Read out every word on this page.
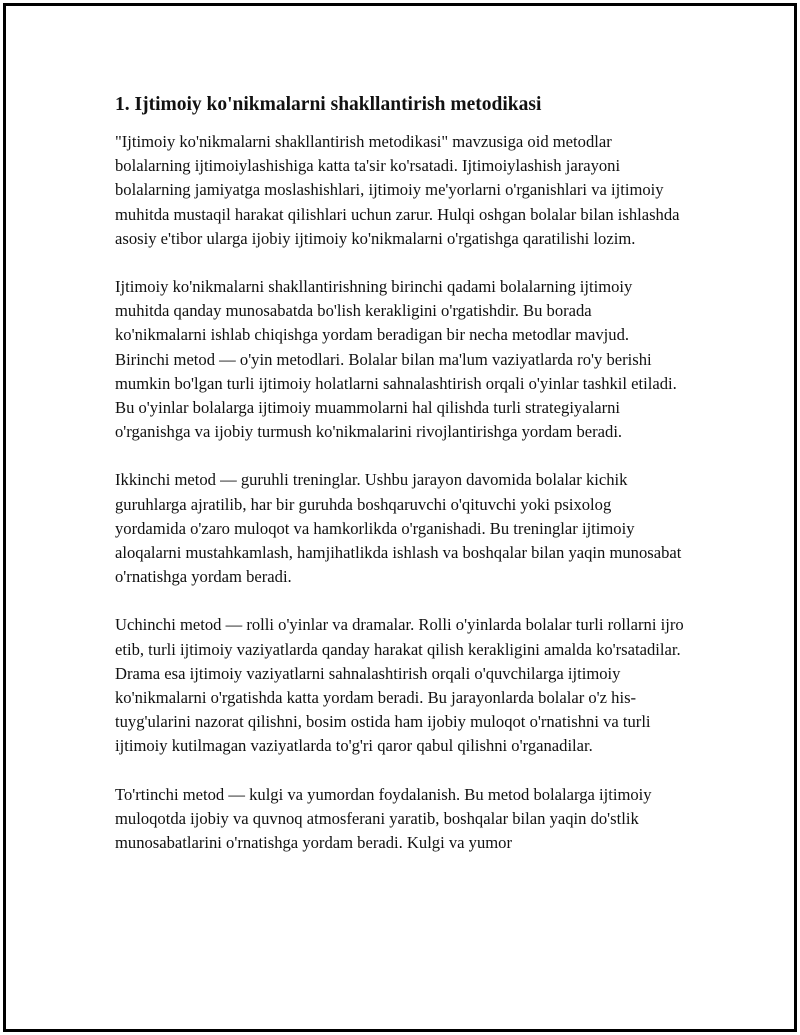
1. Ijtimoiy ko'nikmalarni shakllantirish metodikasi

"Ijtimoiy ko'nikmalarni shakllantirish metodikasi" mavzusiga oid metodlar bolalarning ijtimoiylashishiga katta ta'sir ko'rsatadi. Ijtimoiylashish jarayoni bolalarning jamiyatga moslashishlari, ijtimoiy me'yorlarni o'rganishlari va ijtimoiy muhitda mustaqil harakat qilishlari uchun zarur. Hulqi oshgan bolalar bilan ishlashda asosiy e'tibor ularga ijobiy ijtimoiy ko'nikmalarni o'rgatishga qaratilishi lozim.

Ijtimoiy ko'nikmalarni shakllantirishning birinchi qadami bolalarning ijtimoiy muhitda qanday munosabatda bo'lish kerakligini o'rgatishdir. Bu borada ko'nikmalarni ishlab chiqishga yordam beradigan bir necha metodlar mavjud. Birinchi metod — o'yin metodlari. Bolalar bilan ma'lum vaziyatlarda ro'y berishi mumkin bo'lgan turli ijtimoiy holatlarni sahnalashtirish orqali o'yinlar tashkil etiladi. Bu o'yinlar bolalarga ijtimoiy muammolarni hal qilishda turli strategiyalarni o'rganishga va ijobiy turmush ko'nikmalarini rivojlantirishga yordam beradi.

Ikkinchi metod — guruhli treninglar. Ushbu jarayon davomida bolalar kichik guruhlarga ajratilib, har bir guruhda boshqaruvchi o'qituvchi yoki psixolog yordamida o'zaro muloqot va hamkorlikda o'rganishadi. Bu treninglar ijtimoiy aloqalarni mustahkamlash, hamjihatlikda ishlash va boshqalar bilan yaqin munosabat o'rnatishga yordam beradi.

Uchinchi metod — rolli o'yinlar va dramalar. Rolli o'yinlarda bolalar turli rollarni ijro etib, turli ijtimoiy vaziyatlarda qanday harakat qilish kerakligini amalda ko'rsatadilar. Drama esa ijtimoiy vaziyatlarni sahnalashtirish orqali o'quvchilarga ijtimoiy ko'nikmalarni o'rgatishda katta yordam beradi. Bu jarayonlarda bolalar o'z his-tuyg'ularini nazorat qilishni, bosim ostida ham ijobiy muloqot o'rnatishni va turli ijtimoiy kutilmagan vaziyatlarda to'g'ri qaror qabul qilishni o'rganadilar.

To'rtinchi metod — kulgi va yumordan foydalanish. Bu metod bolalarga ijtimoiy muloqotda ijobiy va quvnoq atmosferani yaratib, boshqalar bilan yaqin do'stlik munosabatlarini o'rnatishga yordam beradi. Kulgi va yumor
